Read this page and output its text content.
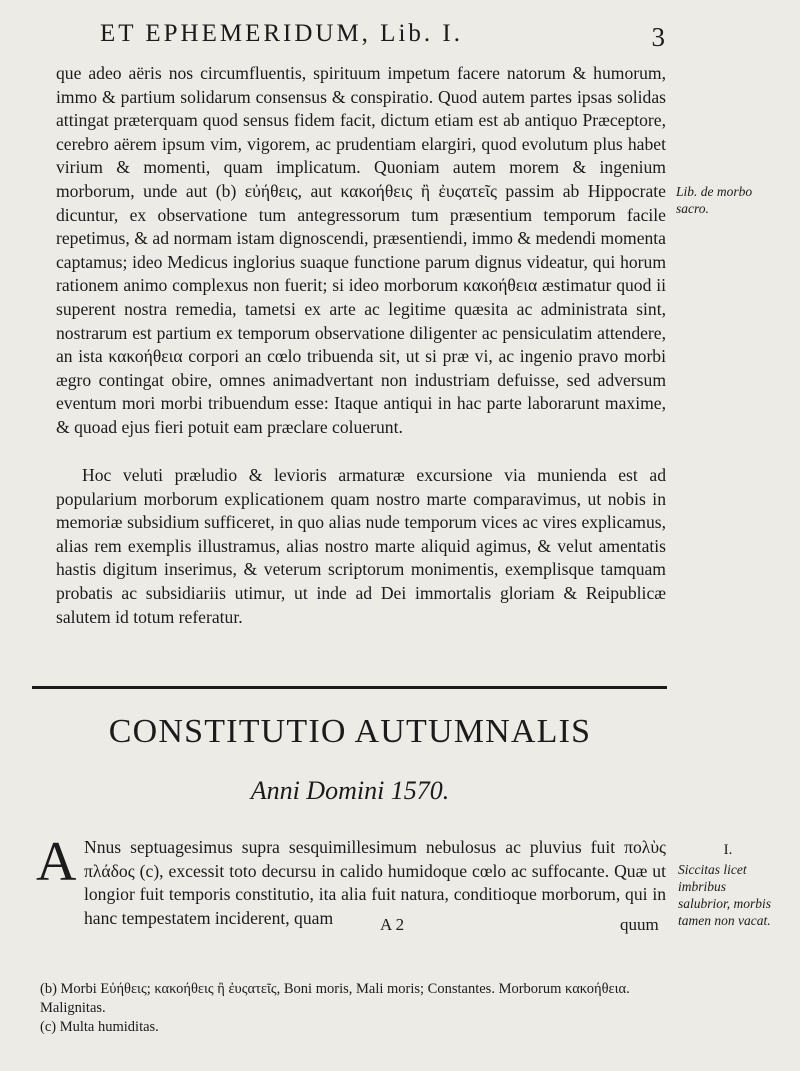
ET EPHEMERIDUM, Lib. I.	3

que adeo aëris nos circumfluentis, spirituum impetum facere natorum & humorum, immo & partium solidarum consensus & conspiratio. Quod autem partes ipsas solidas attingat præterquam quod sensus fidem facit, dictum etiam est ab antiquo Præceptore, cerebro aërem ipsum vim, vigorem, ac prudentiam elargiri, quod evolutum plus habet virium & momenti, quam implicatum. Quoniam autem morem & ingenium morborum, unde aut (b) εὐήθεις, aut κακοήθεις ἢ ἐυςατεῖς passim ab Hippocrate dicuntur, ex observatione tum antegressorum tum præsentium temporum facile repetimus, & ad normam istam dignoscendi, præsentiendi, immo & medendi momenta captamus; ideo Medicus inglorius suaque functione parum dignus videatur, qui horum rationem animo complexus non fuerit; si ideo morborum κακοήθεια æstimatur quod ii superent nostra remedia, tametsi ex arte ac legitime quæsita ac administrata sint, nostrarum est partium ex temporum observatione diligenter ac pensiculatim attendere, an ista κακοήθεια corpori an cœlo tribuenda sit, ut si præ vi, ac ingenio pravo morbi ægro contingat obire, omnes animadvertant non industriam defuisse, sed adversum eventum mori morbi tribuendum esse: Itaque antiqui in hac parte laborarunt maxime, & quoad ejus fieri potuit eam præclare coluerunt.

Lib. de morbo sacro.

Hoc veluti præludio & levioris armaturæ excursione via munienda est ad popularium morborum explicationem quam nostro marte comparavimus, ut nobis in memoriæ subsidium sufficeret, in quo alias nude temporum vices ac vires explicamus, alias rem exemplis illustramus, alias nostro marte aliquid agimus, & velut amentatis hastis digitum inserimus, & veterum scriptorum monimentis, exemplisque tamquam probatis ac subsidiariis utimur, ut inde ad Dei immortalis gloriam & Reipublicæ salutem id totum referatur.

CONSTITUTIO AUTUMNALIS
Anni Domini 1570.
A Nnus septuagesimus supra sesquimillesimum nebulosus ac pluvius fuit πολὺς πλάδος (c), excessit toto decursu in calido humidoque cœlo ac suffocante. Quæ ut longior fuit temporis constitutio, ita alia fuit natura, conditioque morborum, qui in hanc tempestatem inciderent, quam

I.
Siccitas licet imbribus salubrior, morbis tamen non vacat.
A 2	quum
(b) Morbi Εὐήθεις; κακοήθεις ἢ ἐυςατεῖς, Boni moris, Mali moris; Constantes. Morborum κακοήθεια. Malignitas.
(c) Multa humiditas.
